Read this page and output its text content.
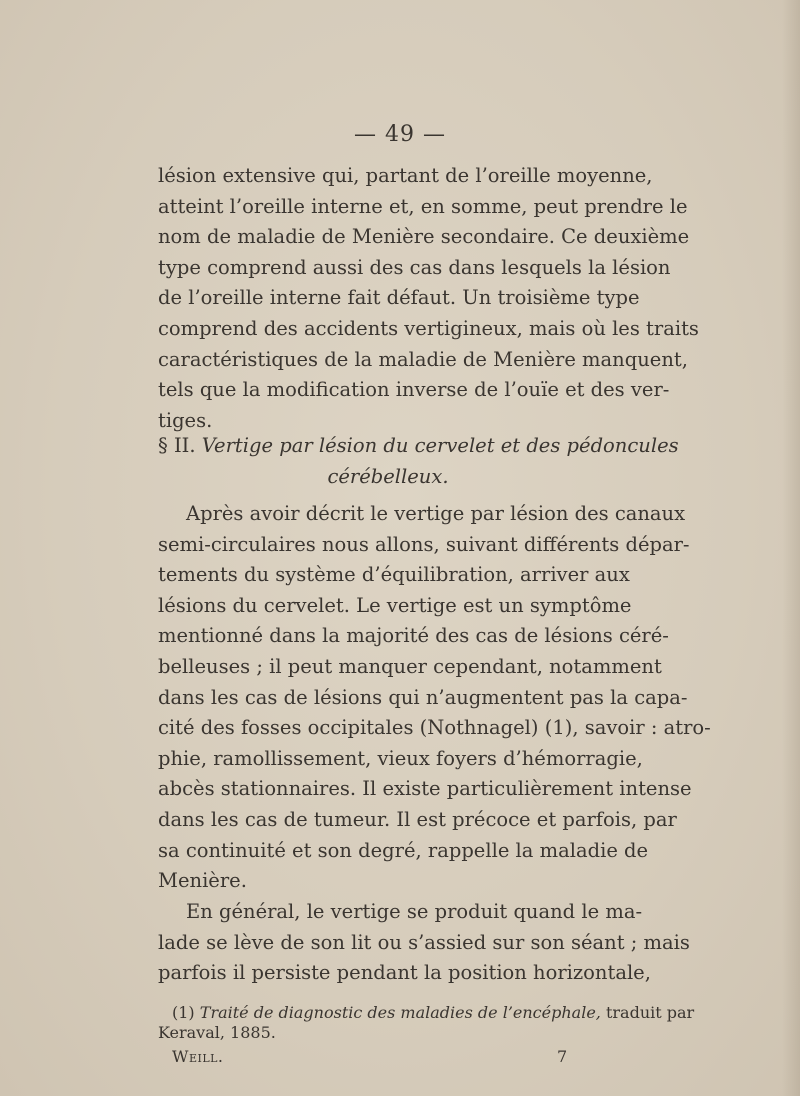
— 49 —
lésion extensive qui, partant de l’oreille moyenne,
atteint l’oreille interne et, en somme, peut prendre le
nom de maladie de Menière secondaire. Ce deuxième
type comprend aussi des cas dans lesquels la lésion
de l’oreille interne fait défaut. Un troisième type
comprend des accidents vertigineux, mais où les traits
caractéristiques de la maladie de Menière manquent,
tels que la modification inverse de l’ouïe et des ver-
tiges.
§ II. Vertige par lésion du cervelet et des pédoncules
cérébelleux.
Après avoir décrit le vertige par lésion des canaux
semi-circulaires nous allons, suivant différents dépar-
tements du système d’équilibration, arriver aux
lésions du cervelet. Le vertige est un symptôme
mentionné dans la majorité des cas de lésions céré-
belleuses ; il peut manquer cependant, notamment
dans les cas de lésions qui n’augmentent pas la capa-
cité des fosses occipitales (Nothnagel) (1), savoir : atro-
phie, ramollissement, vieux foyers d’hémorragie,
abcès stationnaires. Il existe particulièrement intense
dans les cas de tumeur. Il est précoce et parfois, par
sa continuité et son degré, rappelle la maladie de
Menière.
En général, le vertige se produit quand le ma-
lade se lève de son lit ou s’assied sur son séant ; mais
parfois il persiste pendant la position horizontale,
(1) Traité de diagnostic des maladies de l’encéphale, traduit par
Keraval, 1885.
Weill.	7
